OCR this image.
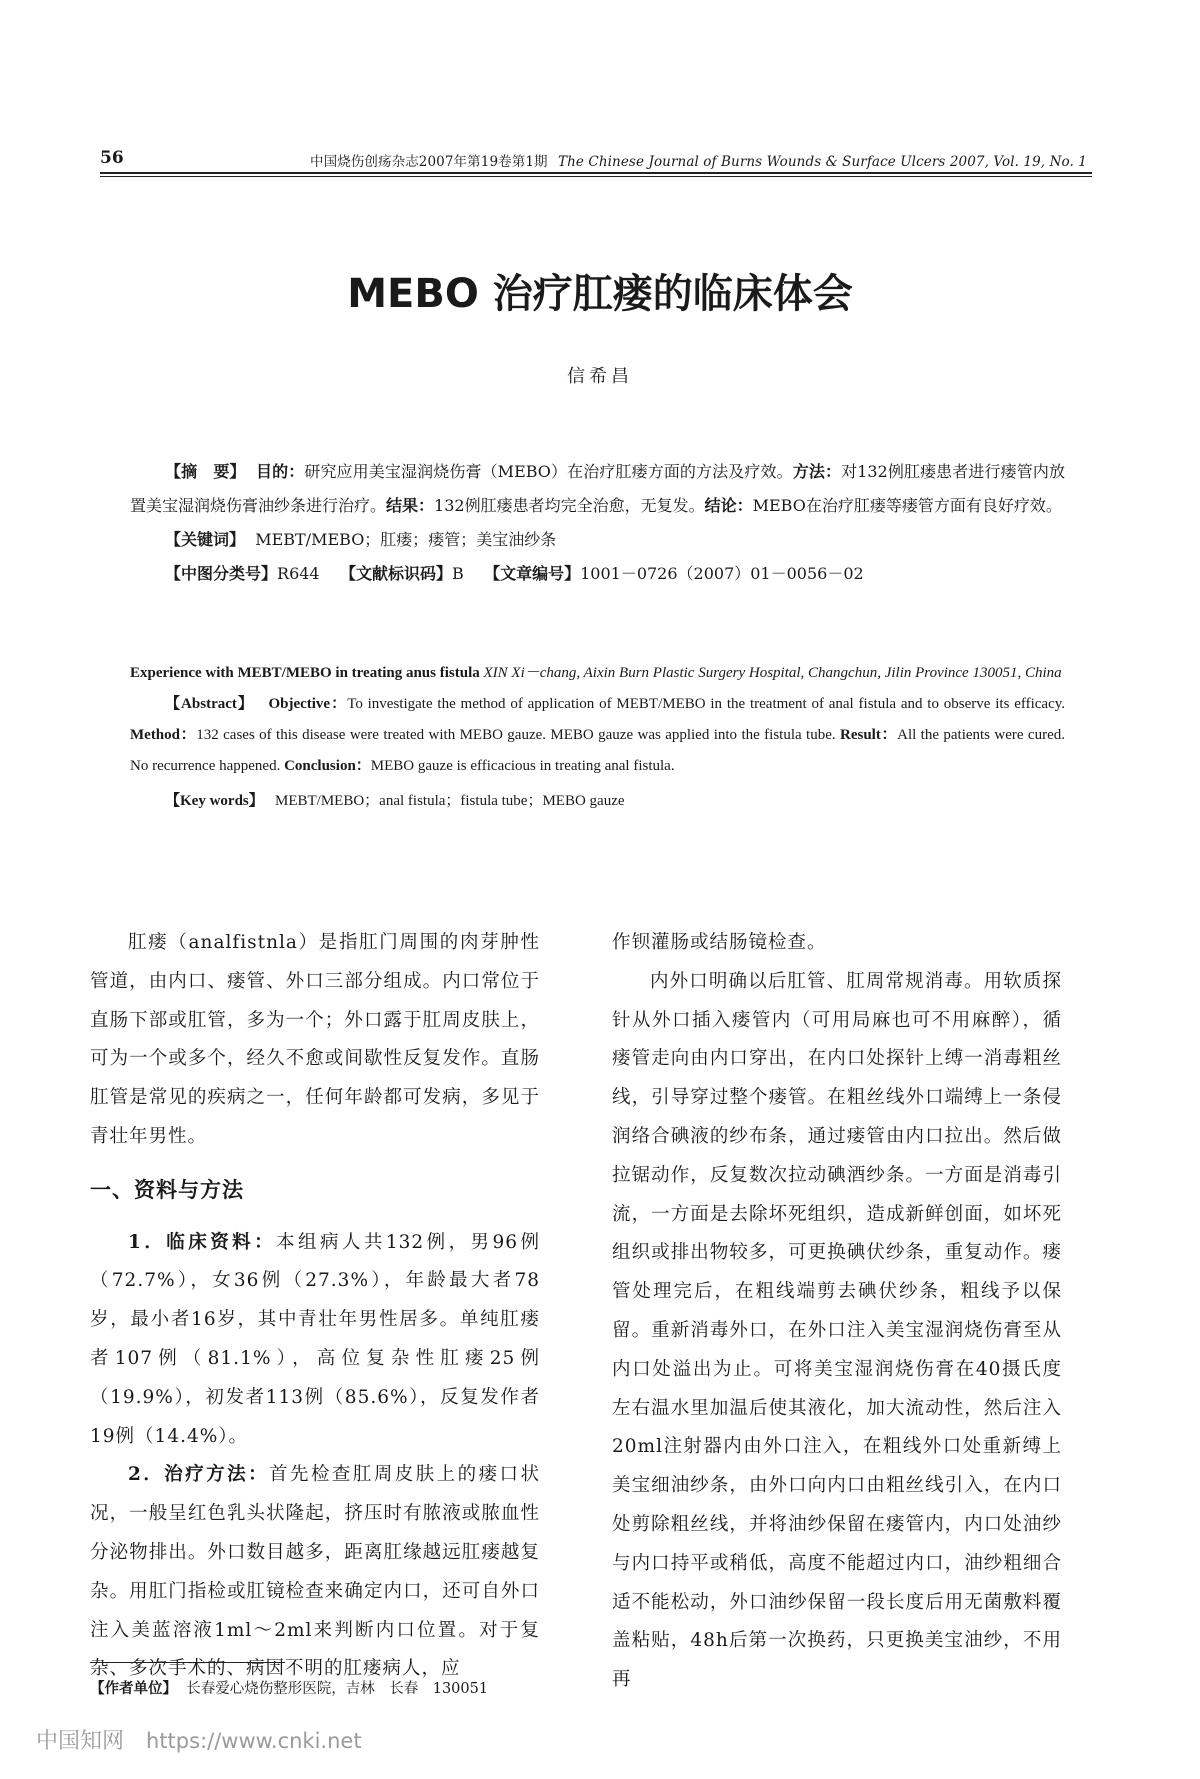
56	中国烧伤创疡杂志2007年第19卷第1期 The Chinese Journal of Burns Wounds & Surface Ulcers 2007, Vol. 19, No. 1
MEBO 治疗肛瘘的临床体会
信希昌

【摘　要】 目的：研究应用美宝湿润烧伤膏（MEBO）在治疗肛瘘方面的方法及疗效。方法：对132例肛瘘患者进行瘘管内放置美宝湿润烧伤膏油纱条进行治疗。结果：132例肛瘘患者均完全治愈，无复发。结论：MEBO在治疗肛瘘等瘘管方面有良好疗效。

【关键词】 MEBT/MEBO；肛瘘；瘘管；美宝油纱条

【中图分类号】R644 【文献标识码】B 【文章编号】1001－0726（2007）01－0056－02

Experience with MEBT/MEBO in treating anus fistula XIN Xi－chang, Aixin Burn Plastic Surgery Hospital, Changchun, Jilin Province 130051, China

【Abstract】 Objective：To investigate the method of application of MEBT/MEBO in the treatment of anal fistula and to observe its efficacy. Method：132 cases of this disease were treated with MEBO gauze. MEBO gauze was applied into the fistula tube. Result：All the patients were cured. No recurrence happened. Conclusion：MEBO gauze is efficacious in treating anal fistula.

【Key words】 MEBT/MEBO；anal fistula；fistula tube；MEBO gauze

肛瘘（analfistnla）是指肛门周围的肉芽肿性管道，由内口、瘘管、外口三部分组成。内口常位于直肠下部或肛管，多为一个；外口露于肛周皮肤上，可为一个或多个，经久不愈或间歇性反复发作。直肠肛管是常见的疾病之一，任何年龄都可发病，多见于青壮年男性。

一、资料与方法

1．临床资料：本组病人共132例，男96例（72.7%），女36例（27.3%），年龄最大者78岁，最小者16岁，其中青壮年男性居多。单纯肛瘘者107例（81.1%），高位复杂性肛瘘25例（19.9%），初发者113例（85.6%），反复发作者19例（14.4%）。

2．治疗方法：首先检查肛周皮肤上的瘘口状况，一般呈红色乳头状隆起，挤压时有脓液或脓血性分泌物排出。外口数目越多，距离肛缘越远肛瘘越复杂。用肛门指检或肛镜检查来确定内口，还可自外口注入美蓝溶液1ml～2ml来判断内口位置。对于复杂、多次手术的、病因不明的肛瘘病人，应

作钡灌肠或结肠镜检查。

内外口明确以后肛管、肛周常规消毒。用软质探针从外口插入瘘管内（可用局麻也可不用麻醉），循瘘管走向由内口穿出，在内口处探针上缚一消毒粗丝线，引导穿过整个瘘管。在粗丝线外口端缚上一条侵润络合碘液的纱布条，通过瘘管由内口拉出。然后做拉锯动作，反复数次拉动碘酒纱条。一方面是消毒引流，一方面是去除坏死组织，造成新鲜创面，如坏死组织或排出物较多，可更换碘伏纱条，重复动作。瘘管处理完后，在粗线端剪去碘伏纱条，粗线予以保留。重新消毒外口，在外口注入美宝湿润烧伤膏至从内口处溢出为止。可将美宝湿润烧伤膏在40摄氏度左右温水里加温后使其液化，加大流动性，然后注入20ml注射器内由外口注入，在粗线外口处重新缚上美宝细油纱条，由外口向内口由粗丝线引入，在内口处剪除粗丝线，并将油纱保留在瘘管内，内口处油纱与内口持平或稍低，高度不能超过内口，油纱粗细合适不能松动，外口油纱保留一段长度后用无菌敷料覆盖粘贴，48h后第一次换药，只更换美宝油纱，不用再

【作者单位】 长春爱心烧伤整形医院，吉林　长春　130051
中国知网 https://www.cnki.net
